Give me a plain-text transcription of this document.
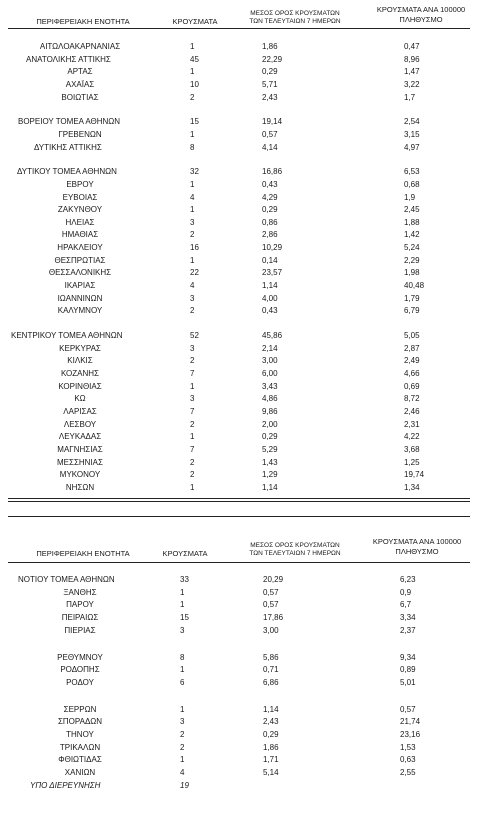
ΠΕΡΙΦΕΡΕΙΑΚΗ ΕΝΟΤΗΤΑ	ΚΡΟΥΣΜΑΤΑ
ΜΕΣΟΣ ΟΡΟΣ ΚΡΟΥΣΜΑΤΩΝ
ΤΩΝ ΤΕΛΕΥΤΑΙΩΝ 7 ΗΜΕΡΩΝ
ΚΡΟΥΣΜΑΤΑ ΑΝΑ 100000
ΠΛΗΘΥΣΜΟ
ΑΙΤΩΛΟΑΚΑΡΝΑΝΙΑΣ	1	1,86	0,47
ΑΝΑΤΟΛΙΚΗΣ ΑΤΤΙΚΗΣ	45	22,29	8,96
ΑΡΤΑΣ	1	0,29	1,47
ΑΧΑΪΑΣ	10	5,71	3,22
ΒΟΙΩΤΙΑΣ	2	2,43	1,7
ΒΟΡΕΙΟΥ ΤΟΜΕΑ ΑΘΗΝΩΝ	15	19,14	2,54
ΓΡΕΒΕΝΩΝ	1	0,57	3,15
ΔΥΤΙΚΗΣ ΑΤΤΙΚΗΣ	8	4,14	4,97
ΔΥΤΙΚΟΥ ΤΟΜΕΑ ΑΘΗΝΩΝ	32	16,86	6,53
ΕΒΡΟΥ	1	0,43	0,68
ΕΥΒΟΙΑΣ	4	4,29	1,9
ΖΑΚΥΝΘΟΥ	1	0,29	2,45
ΗΛΕΙΑΣ	3	0,86	1,88
ΗΜΑΘΙΑΣ	2	2,86	1,42
ΗΡΑΚΛΕΙΟΥ	16	10,29	5,24
ΘΕΣΠΡΩΤΙΑΣ	1	0,14	2,29
ΘΕΣΣΑΛΟΝΙΚΗΣ	22	23,57	1,98
ΙΚΑΡΙΑΣ	4	1,14	40,48
ΙΩΑΝΝΙΝΩΝ	3	4,00	1,79
ΚΑΛΥΜΝΟΥ	2	0,43	6,79
ΚΕΝΤΡΙΚΟΥ ΤΟΜΕΑ ΑΘΗΝΩΝ	52	45,86	5,05
ΚΕΡΚΥΡΑΣ	3	2,14	2,87
ΚΙΛΚΙΣ	2	3,00	2,49
ΚΟΖΑΝΗΣ	7	6,00	4,66
ΚΟΡΙΝΘΙΑΣ	1	3,43	0,69
ΚΩ	3	4,86	8,72
ΛΑΡΙΣΑΣ	7	9,86	2,46
ΛΕΣΒΟΥ	2	2,00	2,31
ΛΕΥΚΑΔΑΣ	1	0,29	4,22
ΜΑΓΝΗΣΙΑΣ	7	5,29	3,68
ΜΕΣΣΗΝΙΑΣ	2	1,43	1,25
ΜΥΚΟΝΟΥ	2	1,29	19,74
ΝΗΣΩΝ	1	1,14	1,34
ΠΕΡΙΦΕΡΕΙΑΚΗ ΕΝΟΤΗΤΑ	ΚΡΟΥΣΜΑΤΑ
ΜΕΣΟΣ ΟΡΟΣ ΚΡΟΥΣΜΑΤΩΝ
ΤΩΝ ΤΕΛΕΥΤΑΙΩΝ 7 ΗΜΕΡΩΝ
ΚΡΟΥΣΜΑΤΑ ΑΝΑ 100000
ΠΛΗΘΥΣΜΟ
ΝΟΤΙΟΥ ΤΟΜΕΑ ΑΘΗΝΩΝ	33	20,29	6,23
ΞΑΝΘΗΣ	1	0,57	0,9
ΠΑΡΟΥ	1	0,57	6,7
ΠΕΙΡΑΙΩΣ	15	17,86	3,34
ΠΙΕΡΙΑΣ	3	3,00	2,37
ΡΕΘΥΜΝΟΥ	8	5,86	9,34
ΡΟΔΟΠΗΣ	1	0,71	0,89
ΡΟΔΟΥ	6	6,86	5,01
ΣΕΡΡΩΝ	1	1,14	0,57
ΣΠΟΡΑΔΩΝ	3	2,43	21,74
ΤΗΝΟΥ	2	0,29	23,16
ΤΡΙΚΑΛΩΝ	2	1,86	1,53
ΦΘΙΩΤΙΔΑΣ	1	1,71	0,63
ΧΑΝΙΩΝ	4	5,14	2,55
ΥΠΟ ΔΙΕΡΕΥΝΗΣΗ	19
